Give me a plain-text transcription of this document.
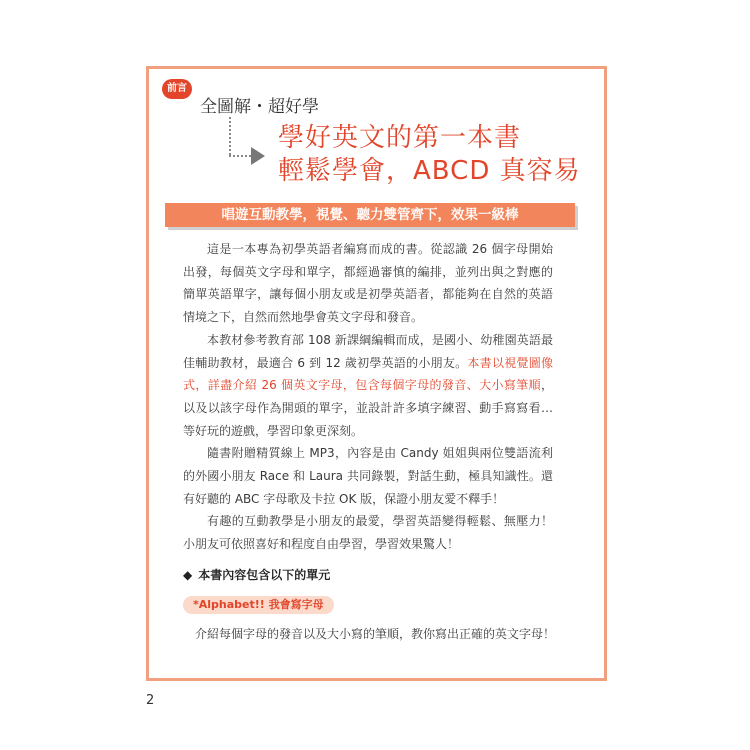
前言
全圖解・超好學
學好英文的第一本書
輕鬆學會，ABCD 真容易
唱遊互動教學，視覺、聽力雙管齊下，效果一級棒

這是一本專為初學英語者編寫而成的書。從認識 26 個字母開始出發，每個英文字母和單字，都經過審慎的編排，並列出與之對應的簡單英語單字，讓每個小朋友或是初學英語者，都能夠在自然的英語情境之下，自然而然地學會英文字母和發音。

本教材參考教育部 108 新課綱編輯而成，是國小、幼稚園英語最佳輔助教材，最適合 6 到 12 歲初學英語的小朋友。本書以視覺圖像式，詳盡介紹 26 個英文字母，包含每個字母的發音、大小寫筆順，以及以該字母作為開頭的單字，並設計許多填字練習、動手寫寫看…等好玩的遊戲，學習印象更深刻。

隨書附贈精質線上 MP3，內容是由 Candy 姐姐與兩位雙語流利的外國小朋友 Race 和 Laura 共同錄製，對話生動，極具知識性。還有好聽的 ABC 字母歌及卡拉 OK 版，保證小朋友愛不釋手！

有趣的互動教學是小朋友的最愛，學習英語變得輕鬆、無壓力！小朋友可依照喜好和程度自由學習，學習效果驚人！

◆ 本書內容包含以下的單元
*Alphabet!! 我會寫字母
介紹每個字母的發音以及大小寫的筆順，教你寫出正確的英文字母！
2
